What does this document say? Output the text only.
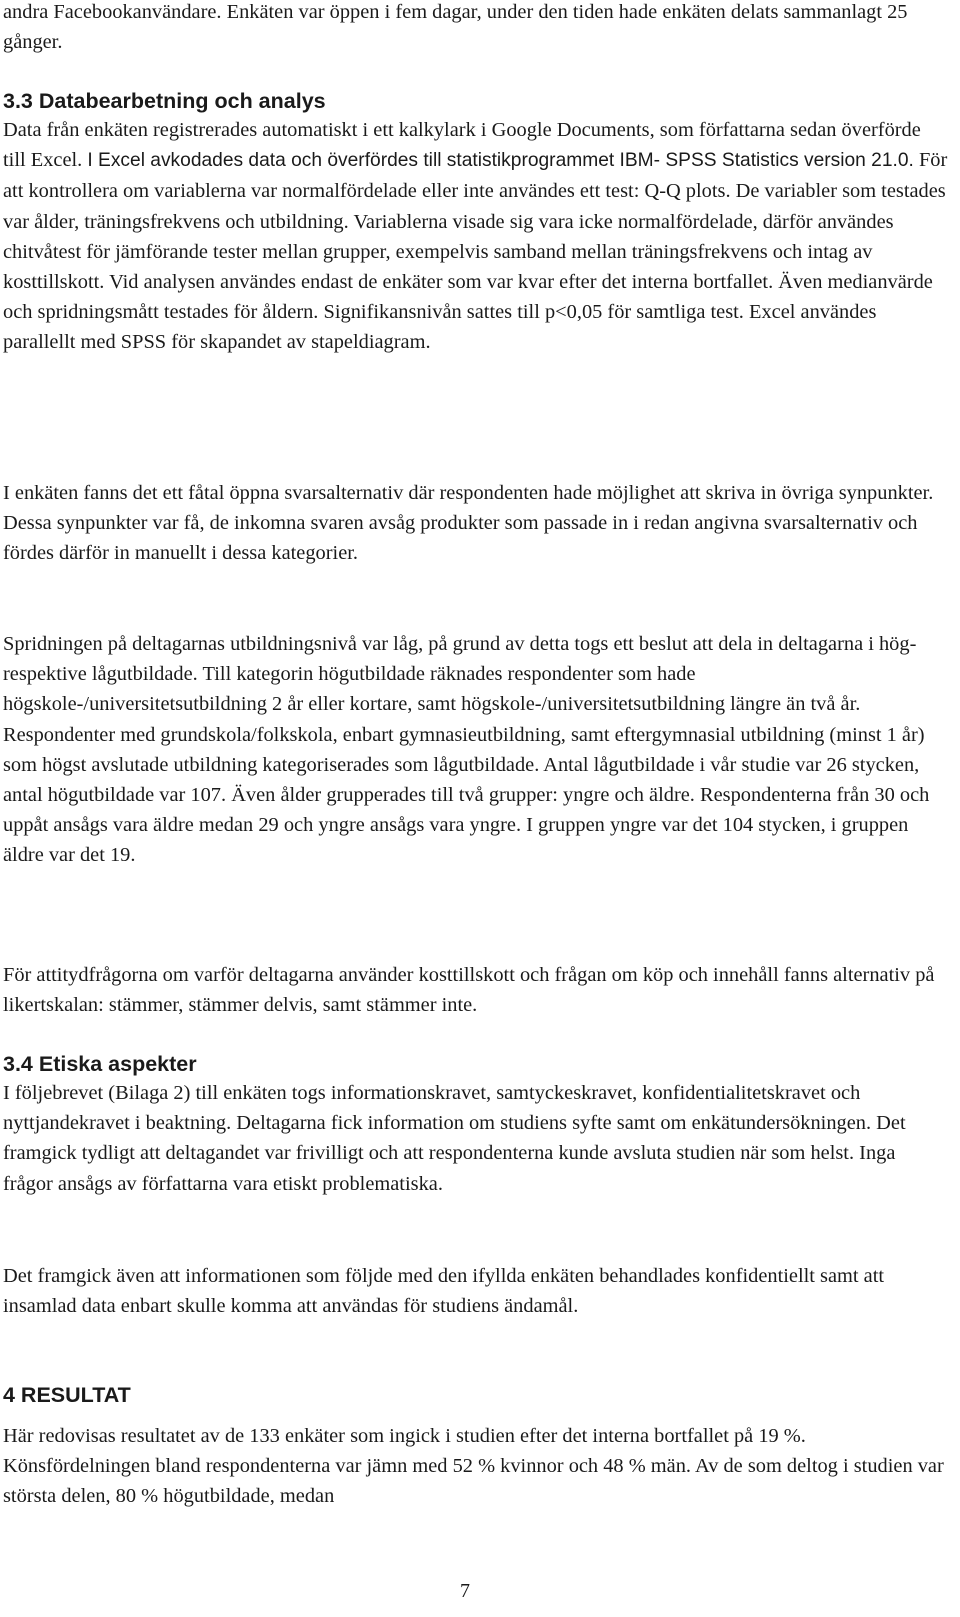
andra Facebookanvändare. Enkäten var öppen i fem dagar, under den tiden hade enkäten delats sammanlagt 25 gånger.

3.3 Databearbetning och analys

Data från enkäten registrerades automatiskt i ett kalkylark i Google Documents, som författarna sedan överförde till Excel. I Excel avkodades data och överfördes till statistikprogrammet IBM- SPSS Statistics version 21.0. För att kontrollera om variablerna var normalfördelade eller inte användes ett test: Q-Q plots. De variabler som testades var ålder, träningsfrekvens och utbildning. Variablerna visade sig vara icke normalfördelade, därför användes chitvåtest för jämförande tester mellan grupper, exempelvis samband mellan träningsfrekvens och intag av kosttillskott. Vid analysen användes endast de enkäter som var kvar efter det interna bortfallet. Även medianvärde och spridningsmått testades för åldern. Signifikansnivån sattes till p<0,05 för samtliga test. Excel användes parallellt med SPSS för skapandet av stapeldiagram.

I enkäten fanns det ett fåtal öppna svarsalternativ där respondenten hade möjlighet att skriva in övriga synpunkter. Dessa synpunkter var få, de inkomna svaren avsåg produkter som passade in i redan angivna svarsalternativ och fördes därför in manuellt i dessa kategorier.

Spridningen på deltagarnas utbildningsnivå var låg, på grund av detta togs ett beslut att dela in deltagarna i hög- respektive lågutbildade. Till kategorin högutbildade räknades respondenter som hade högskole-/universitetsutbildning 2 år eller kortare, samt högskole-/universitetsutbildning längre än två år. Respondenter med grundskola/folkskola, enbart gymnasieutbildning, samt eftergymnasial utbildning (minst 1 år) som högst avslutade utbildning kategoriserades som lågutbildade. Antal lågutbildade i vår studie var 26 stycken, antal högutbildade var 107. Även ålder grupperades till två grupper: yngre och äldre. Respondenterna från 30 och uppåt ansågs vara äldre medan 29 och yngre ansågs vara yngre. I gruppen yngre var det 104 stycken, i gruppen äldre var det 19.

För attitydfrågorna om varför deltagarna använder kosttillskott och frågan om köp och innehåll fanns alternativ på likertskalan: stämmer, stämmer delvis, samt stämmer inte.

3.4 Etiska aspekter

I följebrevet (Bilaga 2) till enkäten togs informationskravet, samtyckeskravet, konfidentialitetskravet och nyttjandekravet i beaktning. Deltagarna fick information om studiens syfte samt om enkätundersökningen. Det framgick tydligt att deltagandet var frivilligt och att respondenterna kunde avsluta studien när som helst. Inga frågor ansågs av författarna vara etiskt problematiska.

Det framgick även att informationen som följde med den ifyllda enkäten behandlades konfidentiellt samt att insamlad data enbart skulle komma att användas för studiens ändamål.

4 RESULTAT

Här redovisas resultatet av de 133 enkäter som ingick i studien efter det interna bortfallet på 19 %. Könsfördelningen bland respondenterna var jämn med 52 % kvinnor och 48 % män. Av de som deltog i studien var största delen, 80 % högutbildade, medan

7
